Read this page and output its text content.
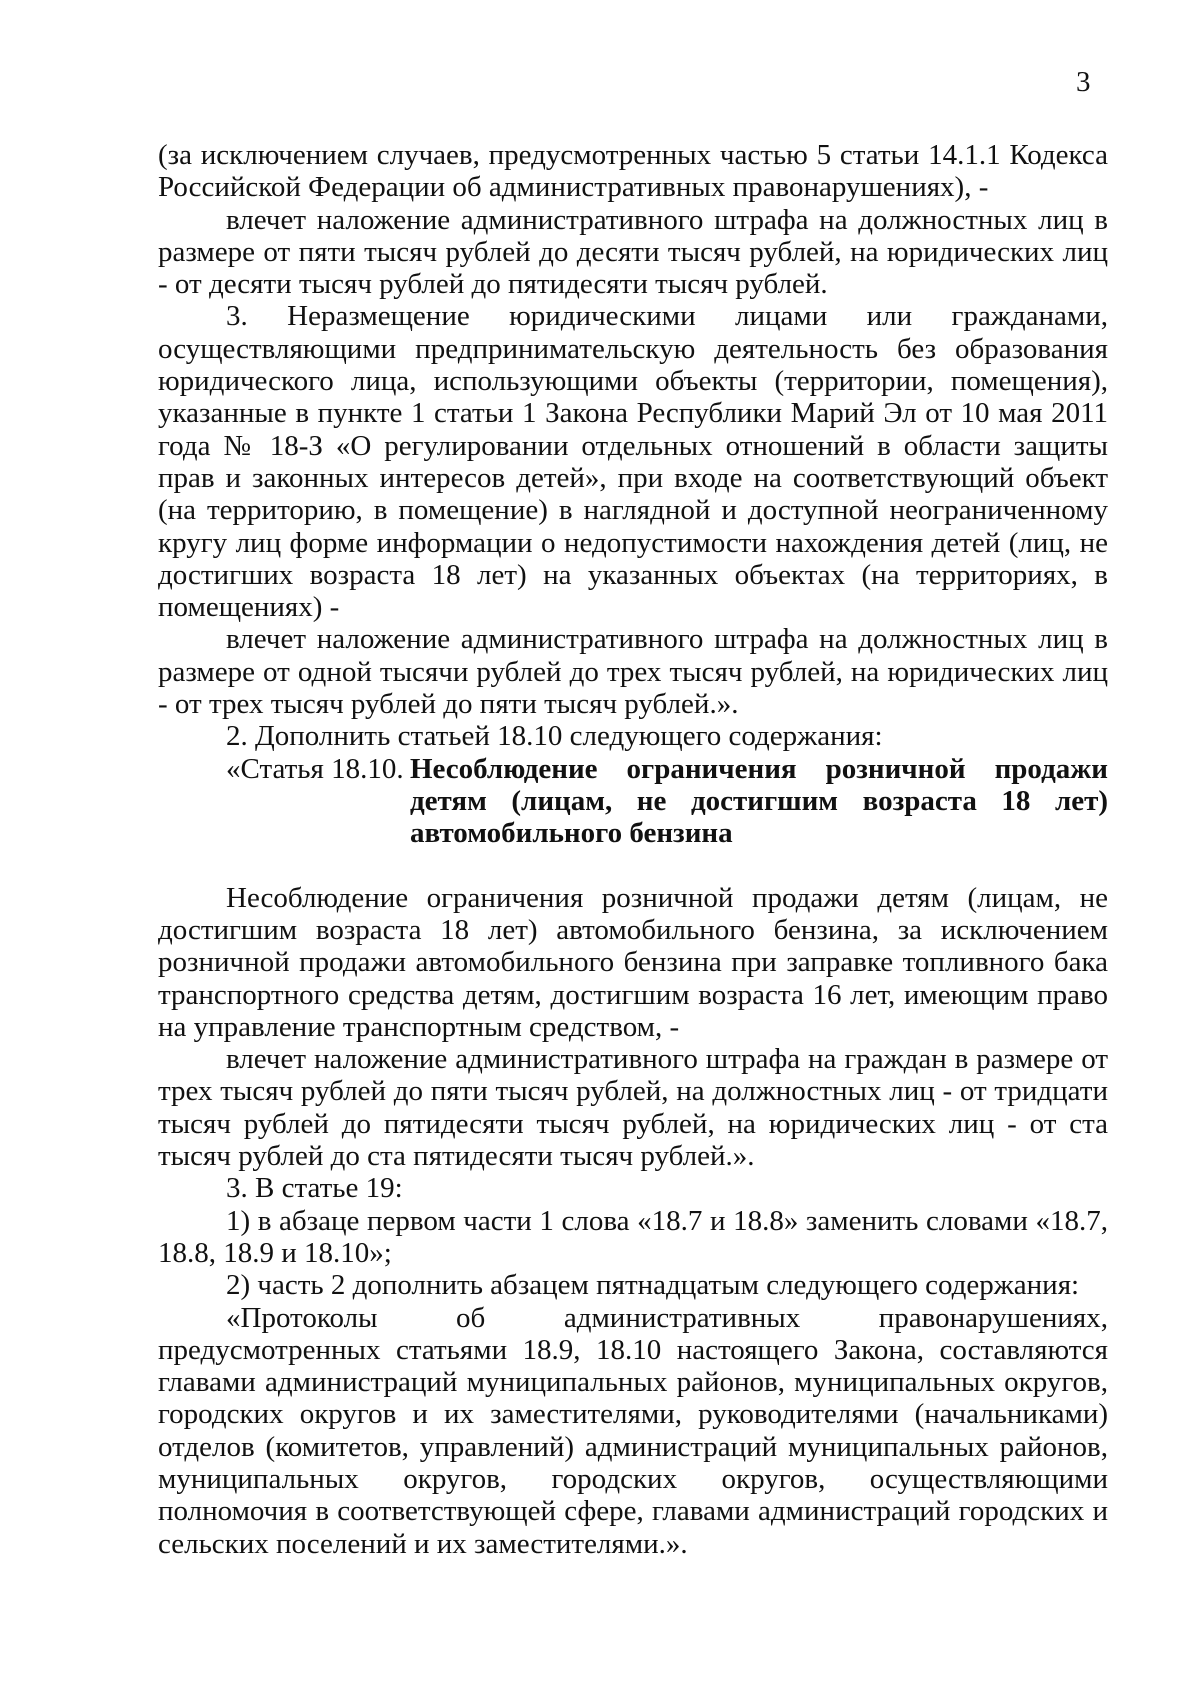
3

(за исключением случаев, предусмотренных частью 5 статьи 14.1.1 Кодекса Российской Федерации об административных правонарушениях), -

влечет наложение административного штрафа на должностных лиц в размере от пяти тысяч рублей до десяти тысяч рублей, на юридических лиц - от десяти тысяч рублей до пятидесяти тысяч рублей.

3. Неразмещение юридическими лицами или гражданами, осуществляющими предпринимательскую деятельность без образования юридического лица, использующими объекты (территории, помещения), указанные в пункте 1 статьи 1 Закона Республики Марий Эл от 10 мая 2011 года № 18-З «О регулировании отдельных отношений в области защиты прав и законных интересов детей», при входе на соответствующий объект (на территорию, в помещение) в наглядной и доступной неограниченному кругу лиц форме информации о недопустимости нахождения детей (лиц, не достигших возраста 18 лет) на указанных объектах (на территориях, в помещениях) -

влечет наложение административного штрафа на должностных лиц в размере от одной тысячи рублей до трех тысяч рублей, на юридических лиц - от трех тысяч рублей до пяти тысяч рублей.».

2. Дополнить статьей 18.10 следующего содержания:

«Статья 18.10. Несоблюдение ограничения розничной продажи
детям (лицам, не достигшим возраста 18 лет)
автомобильного бензина

Несоблюдение ограничения розничной продажи детям (лицам, не достигшим возраста 18 лет) автомобильного бензина, за исключением розничной продажи автомобильного бензина при заправке топливного бака транспортного средства детям, достигшим возраста 16 лет, имеющим право на управление транспортным средством, -

влечет наложение административного штрафа на граждан в размере от трех тысяч рублей до пяти тысяч рублей, на должностных лиц - от тридцати тысяч рублей до пятидесяти тысяч рублей, на юридических лиц - от ста тысяч рублей до ста пятидесяти тысяч рублей.».

3. В статье 19:

1) в абзаце первом части 1 слова «18.7 и 18.8» заменить словами «18.7, 18.8, 18.9 и 18.10»;

2) часть 2 дополнить абзацем пятнадцатым следующего содержания:

«Протоколы об административных правонарушениях, предусмотренных статьями 18.9, 18.10 настоящего Закона, составляются главами администраций муниципальных районов, муниципальных округов, городских округов и их заместителями, руководителями (начальниками) отделов (комитетов, управлений) администраций муниципальных районов, муниципальных округов, городских округов, осуществляющими полномочия в соответствующей сфере, главами администраций городских и сельских поселений и их заместителями.».
